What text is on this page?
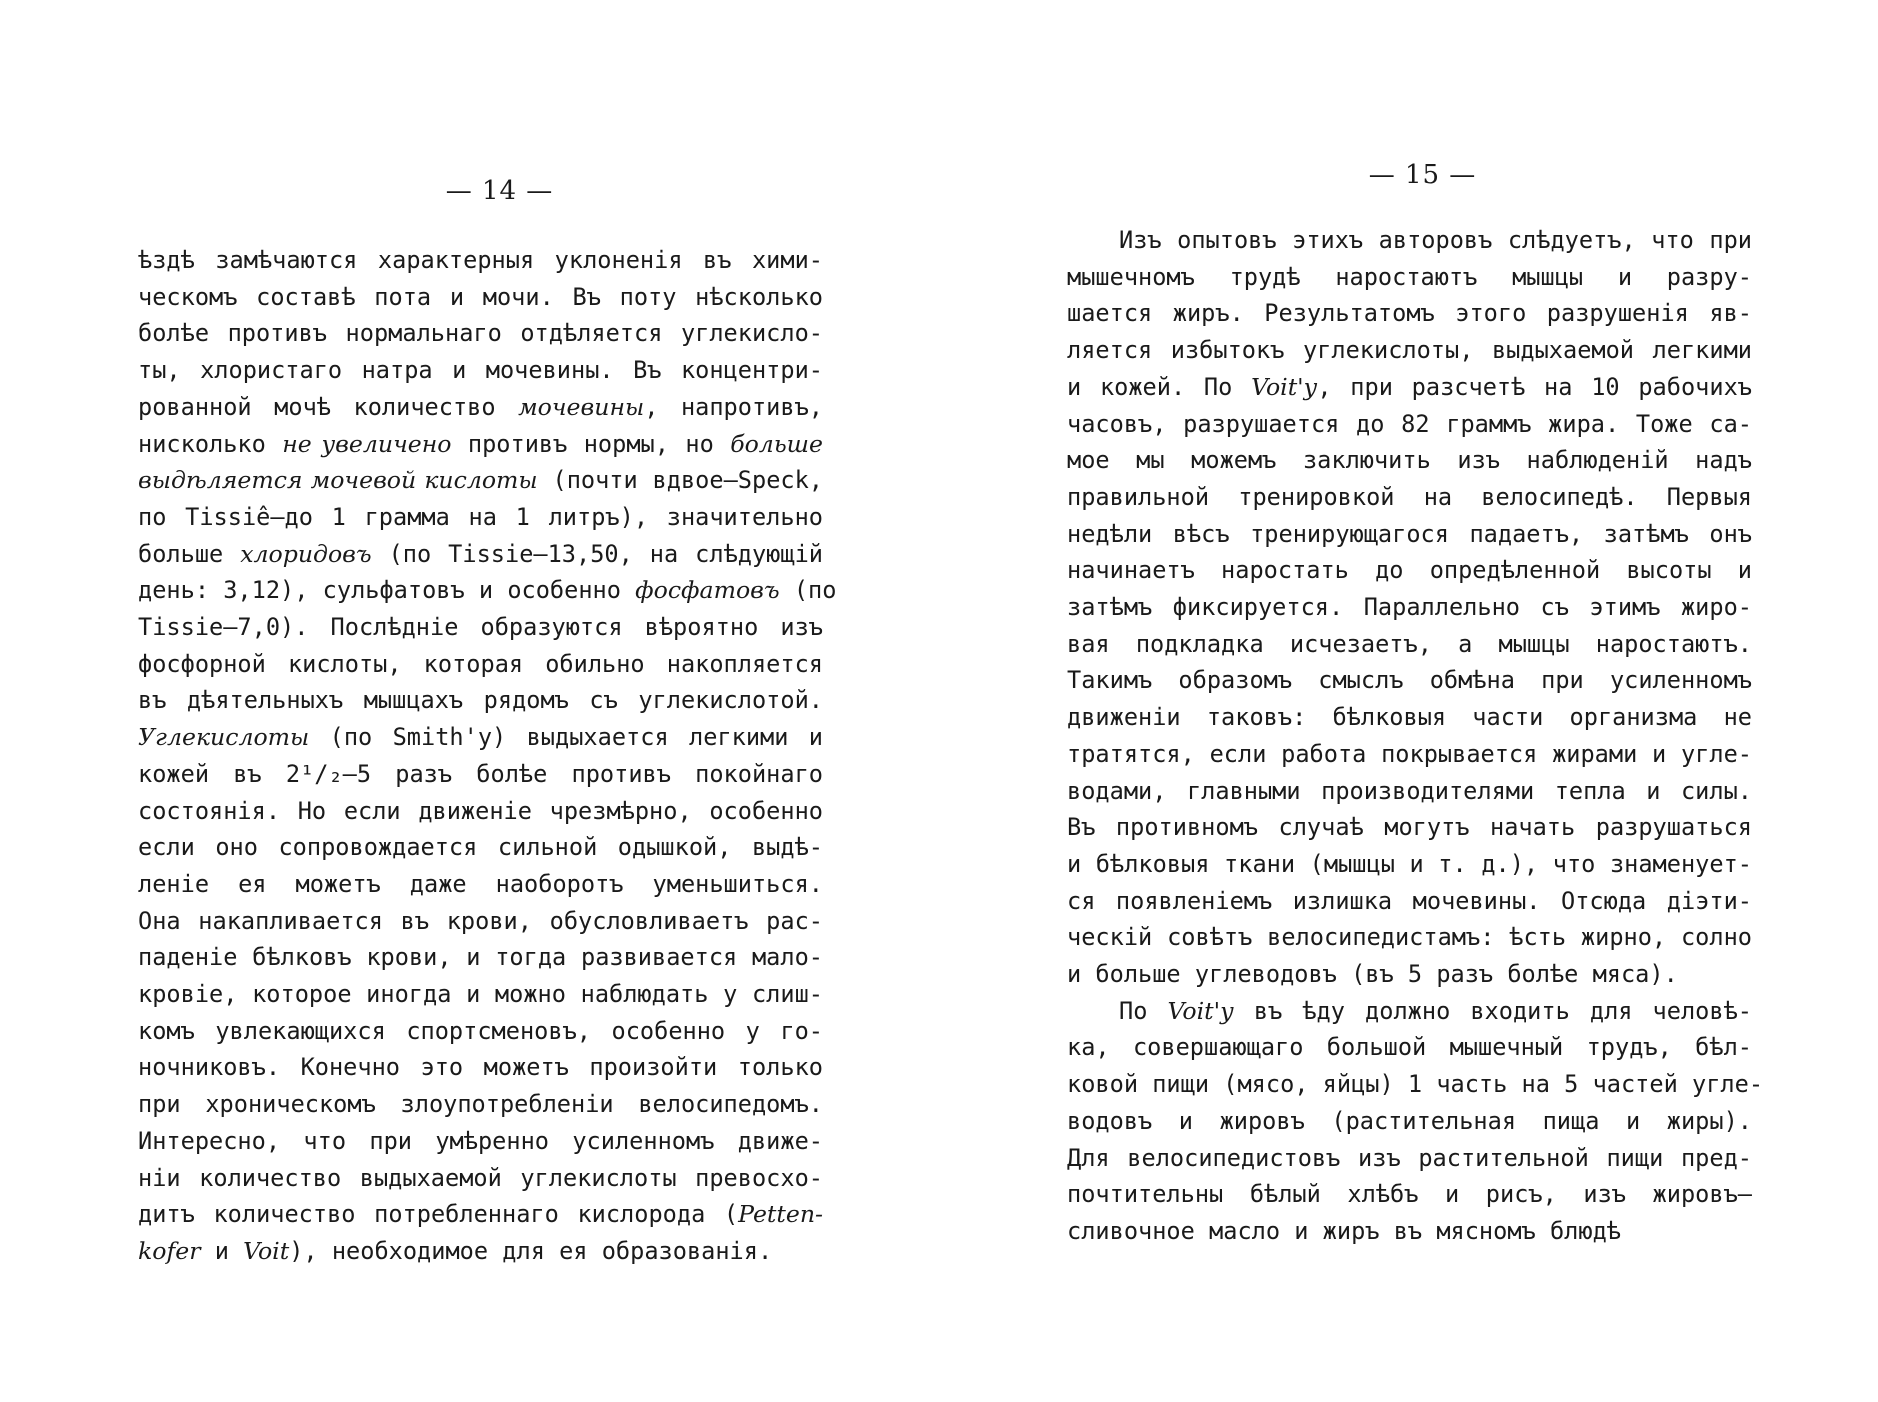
— 14 —
ѣздѣ замѣчаются характерныя уклоненія въ хими-
ческомъ составѣ пота и мочи. Въ поту нѣсколько
болѣе противъ нормальнаго отдѣляется углекисло-
ты, хлористаго натра и мочевины. Въ концентри-
рованной мочѣ количество мочевины, напротивъ,
нисколько не увеличено противъ нормы, но больше
выдѣляется мочевой кислоты (почти вдвое—Speck,
по Tissiê—до 1 грамма на 1 литръ), значительно
больше хлоридовъ (по Tissie—13,50, на слѣдующій
день: 3,12), сульфатовъ и особенно фосфатовъ (по
Tissie—7,0). Послѣдніе образуются вѣроятно изъ
фосфорной кислоты, которая обильно накопляется
въ дѣятельныхъ мышцахъ рядомъ съ углекислотой.
Углекислоты (по Smith'у) выдыхается легкими и
кожей въ 2¹/₂—5 разъ болѣе противъ покойнаго
состоянія. Но если движеніе чрезмѣрно, особенно
если оно сопровождается сильной одышкой, выдѣ-
леніе ея можетъ даже наоборотъ уменьшиться.
Она накапливается въ крови, обусловливаетъ рас-
паденіе бѣлковъ крови, и тогда развивается мало-
кровіе, которое иногда и можно наблюдать у слиш-
комъ увлекающихся спортсменовъ, особенно у го-
ночниковъ. Конечно это можетъ произойти только
при хроническомъ злоупотребленіи велосипедомъ.
Интересно, что при умѣренно усиленномъ движе-
ніи количество выдыхаемой углекислоты превосхо-
дитъ количество потребленнаго кислорода (Petten-
kofer и Voit), необходимое для ея образованія.
— 15 —
Изъ опытовъ этихъ авторовъ слѣдуетъ, что при
мышечномъ трудѣ наростаютъ мышцы и разру-
шается жиръ. Результатомъ этого разрушенія яв-
ляется избытокъ углекислоты, выдыхаемой легкими
и кожей. По Voit'у, при разсчетѣ на 10 рабочихъ
часовъ, разрушается до 82 граммъ жира. Тоже са-
мое мы можемъ заключить изъ наблюденій надъ
правильной тренировкой на велосипедѣ. Первыя
недѣли вѣсъ тренирующагося падаетъ, затѣмъ онъ
начинаетъ наростать до опредѣленной высоты и
затѣмъ фиксируется. Параллельно съ этимъ жиро-
вая подкладка исчезаетъ, а мышцы наростаютъ.
Такимъ образомъ смыслъ обмѣна при усиленномъ
движеніи таковъ: бѣлковыя части организма не
тратятся, если работа покрывается жирами и угле-
водами, главными производителями тепла и силы.
Въ противномъ случаѣ могутъ начать разрушаться
и бѣлковыя ткани (мышцы и т. д.), что знаменует-
ся появленіемъ излишка мочевины. Отсюда діэти-
ческій совѣтъ велосипедистамъ: ѣсть жирно, солно
и больше углеводовъ (въ 5 разъ болѣе мяса).
По Voit'у въ ѣду должно входить для человѣ-
ка, совершающаго большой мышечный трудъ, бѣл-
ковой пищи (мясо, яйцы) 1 часть на 5 частей угле-
водовъ и жировъ (растительная пища и жиры).
Для велосипедистовъ изъ растительной пищи пред-
почтительны бѣлый хлѣбъ и рисъ, изъ жировъ—
сливочное масло и жиръ въ мясномъ блюдѣ
